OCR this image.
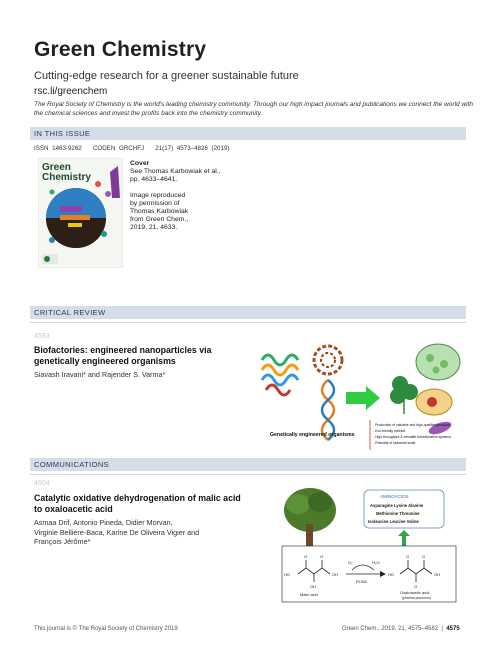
Green Chemistry
Cutting-edge research for a greener sustainable future
rsc.li/greenchem
The Royal Society of Chemistry is the world's leading chemistry community. Through our high impact journals and publications we connect the world with the chemical sciences and invest the profits back into the chemistry community.
IN THIS ISSUE
ISSN 1463-9262 CODEN GRCHFJ 21(17) 4573–4826 (2019)
Green
Chemistry
Cover
See Thomas Karbowiak et al.,
pp. 4633–4641.
Image reproduced
by permission of
Thomas Karbowiak
from Green Chem.,
2019, 21, 4633.
CRITICAL REVIEW
4583
Biofactories: engineered nanoparticles via
genetically engineered organisms
Siavash Iravani* and Rajender S. Varma*
Genetically engineered organisms
- Production of valuable and high-qualified products
- Eco-friendly method
- High-throughput & versatile biorestoration systems
- Potential of industrial scale
COMMUNICATIONS
4604
Catalytic oxidative dehydrogenation of malic acid
to oxaloacetic acid
Asmaa Drif, Antonio Pineda, Didier Morvan,
Virginie Belliere-Baca, Karine De Oliveira Vigier and
François Jérôme*
AMINOACIDS
Asparagine Lysine Alanine
Methionine Threonine
Isoleucine Leucine Valine
HO	OH
OH
O	O
Malic acid
O₂	H₂O
Pt-BiC
HO	OH
O
O	O
Oxaloacetic acid
(pharma precursor)
This journal is © The Royal Society of Chemistry 2019	Green Chem., 2019, 21, 4575–4582  |  4575
